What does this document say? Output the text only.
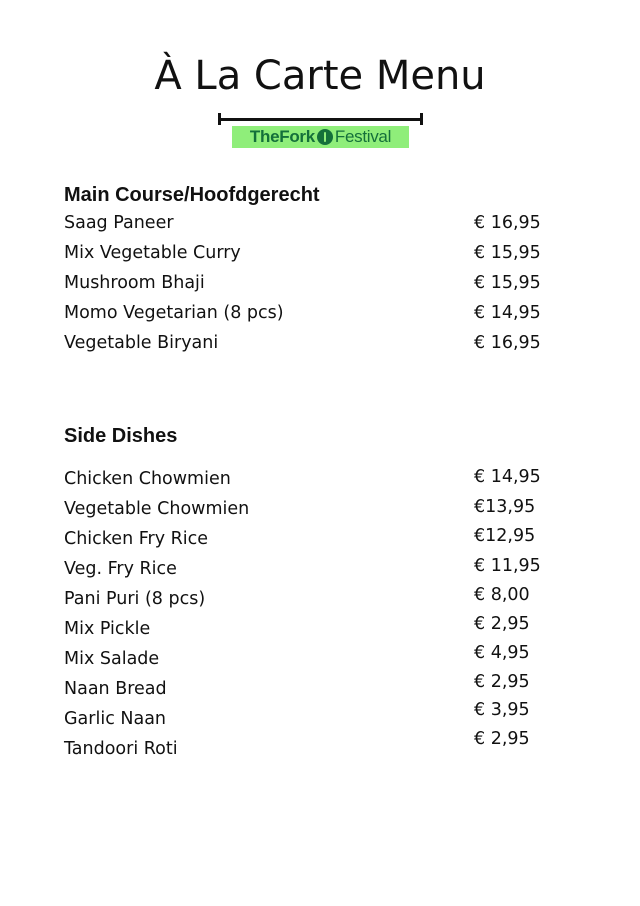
À La Carte Menu
TheFork Festival
Main Course/Hoofdgerecht
Saag Paneer	€ 16,95
Mix Vegetable Curry	€ 15,95
Mushroom Bhaji	€ 15,95
Momo Vegetarian (8 pcs)	€ 14,95
Vegetable Biryani	€ 16,95
Side Dishes
Chicken Chowmien	€ 14,95
Vegetable Chowmien	€13,95
Chicken Fry Rice	€12,95
Veg. Fry Rice	€ 11,95
Pani Puri (8 pcs)	€ 8,00
Mix Pickle	€ 2,95
Mix Salade	€ 4,95
Naan Bread	€ 2,95
Garlic Naan	€ 3,95
Tandoori Roti	€ 2,95
